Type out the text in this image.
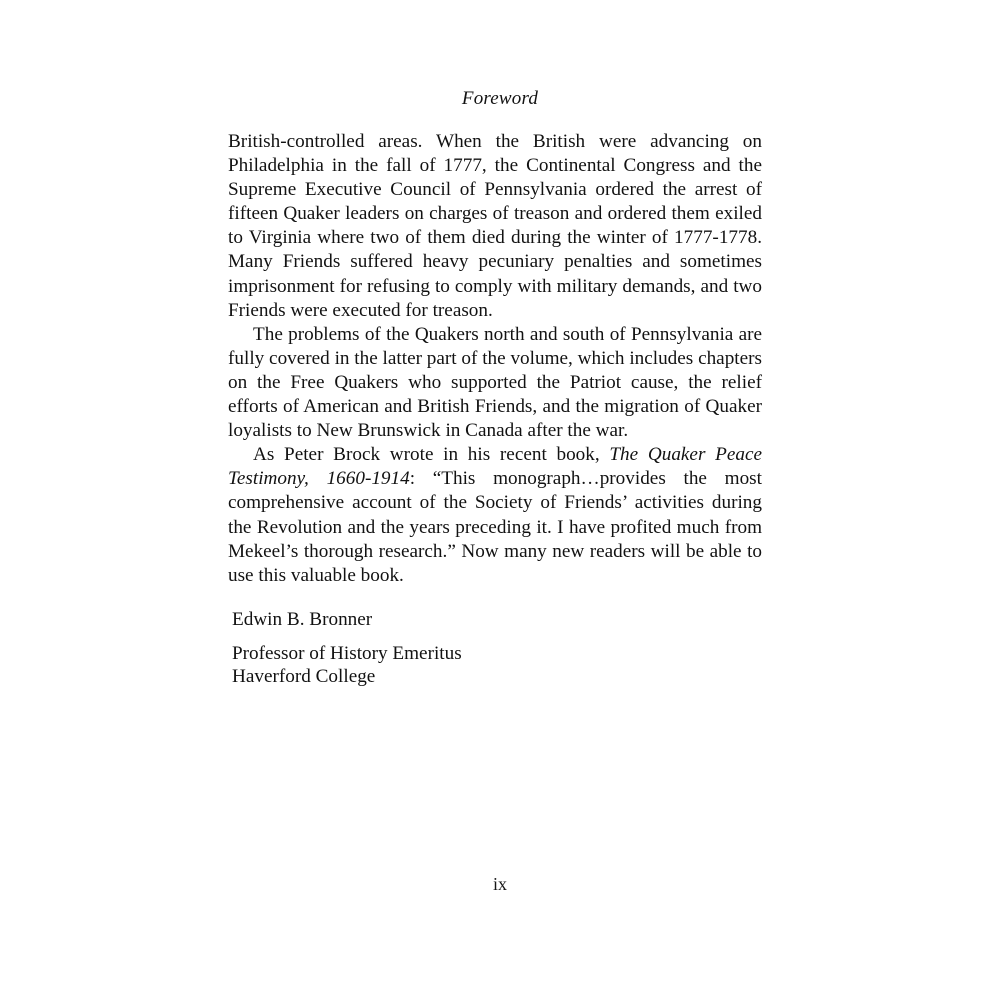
Foreword

British-controlled areas. When the British were advancing on Philadelphia in the fall of 1777, the Continental Congress and the Supreme Executive Council of Pennsylvania ordered the arrest of fifteen Quaker leaders on charges of treason and ordered them exiled to Virginia where two of them died during the winter of 1777-1778. Many Friends suffered heavy pecuniary penalties and sometimes imprisonment for refusing to comply with military demands, and two Friends were executed for treason.

The problems of the Quakers north and south of Pennsylvania are fully covered in the latter part of the volume, which includes chapters on the Free Quakers who supported the Patriot cause, the relief efforts of American and British Friends, and the migration of Quaker loyalists to New Brunswick in Canada after the war.

As Peter Brock wrote in his recent book, The Quaker Peace Testimony, 1660-1914: “This monograph…provides the most comprehensive account of the Society of Friends’ activities during the Revolution and the years preceding it. I have profited much from Mekeel’s thorough research.” Now many new readers will be able to use this valuable book.

Edwin B. Bronner
Professor of History Emeritus
Haverford College
ix
